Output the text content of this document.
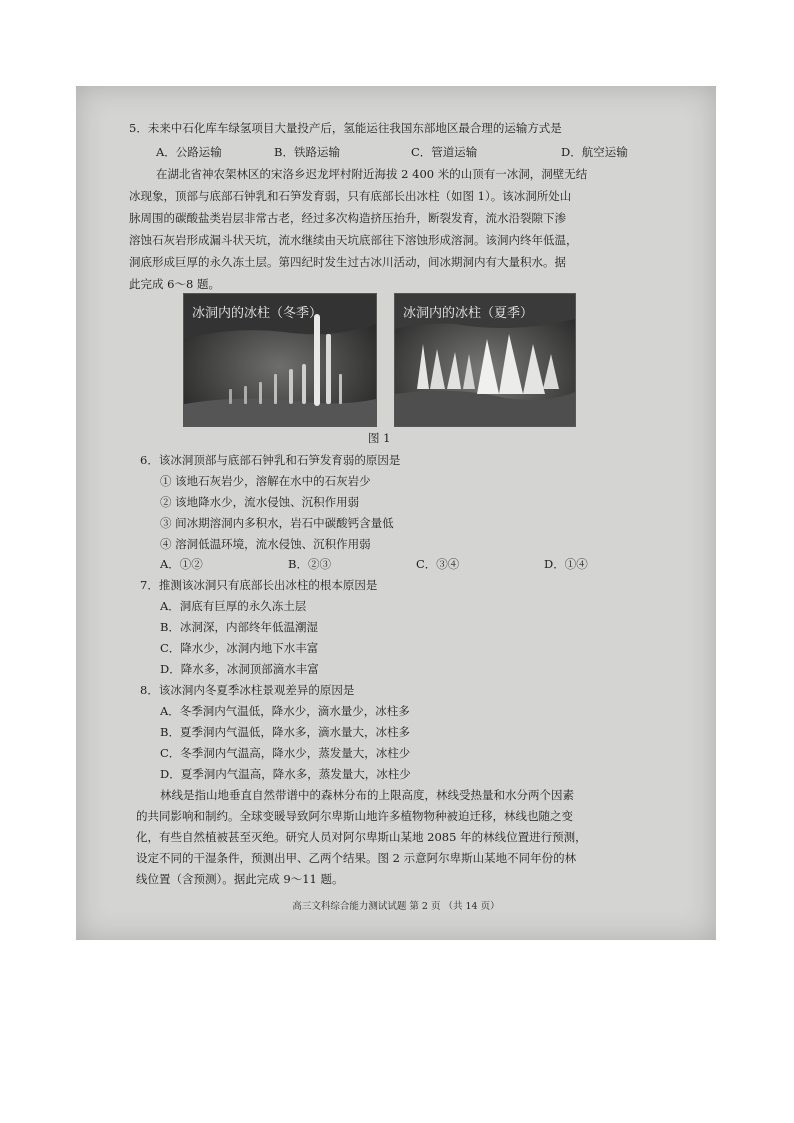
5．未来中石化库车绿氢项目大量投产后，氢能运往我国东部地区最合理的运输方式是
A．公路运输	B．铁路运输	C．管道运输	D．航空运输
在湖北省神农架林区的宋洛乡迟龙坪村附近海拔 2 400 米的山顶有一冰洞，洞壁无结
冰现象，顶部与底部石钟乳和石笋发育弱，只有底部长出冰柱（如图 1）。该冰洞所处山
脉周围的碳酸盐类岩层非常古老，经过多次构造挤压抬升，断裂发育，流水沿裂隙下渗
溶蚀石灰岩形成漏斗状天坑，流水继续由天坑底部往下溶蚀形成溶洞。该洞内终年低温，
洞底形成巨厚的永久冻土层。第四纪时发生过古冰川活动，间冰期洞内有大量积水。据
此完成 6～8 题。
冰洞内的冰柱（冬季）	冰洞内的冰柱（夏季）
图 1
6．该冰洞顶部与底部石钟乳和石笋发育弱的原因是
① 该地石灰岩少，溶解在水中的石灰岩少
② 该地降水少，流水侵蚀、沉积作用弱
③ 间冰期溶洞内多积水，岩石中碳酸钙含量低
④ 溶洞低温环境，流水侵蚀、沉积作用弱
A．①②	B．②③	C．③④	D．①④
7．推测该冰洞只有底部长出冰柱的根本原因是
A．洞底有巨厚的永久冻土层
B．冰洞深，内部终年低温潮湿
C．降水少，冰洞内地下水丰富
D．降水多，冰洞顶部滴水丰富
8．该冰洞内冬夏季冰柱景观差异的原因是
A．冬季洞内气温低，降水少，滴水量少，冰柱多
B．夏季洞内气温低，降水多，滴水量大，冰柱多
C．冬季洞内气温高，降水少，蒸发量大，冰柱少
D．夏季洞内气温高，降水多，蒸发量大，冰柱少
林线是指山地垂直自然带谱中的森林分布的上限高度，林线受热量和水分两个因素
的共同影响和制约。全球变暖导致阿尔卑斯山地许多植物物种被迫迁移，林线也随之变
化，有些自然植被甚至灭绝。研究人员对阿尔卑斯山某地 2085 年的林线位置进行预测，
设定不同的干湿条件，预测出甲、乙两个结果。图 2 示意阿尔卑斯山某地不同年份的林
线位置（含预测）。据此完成 9～11 题。
高三文科综合能力测试试题 第 2 页 （共 14 页）
